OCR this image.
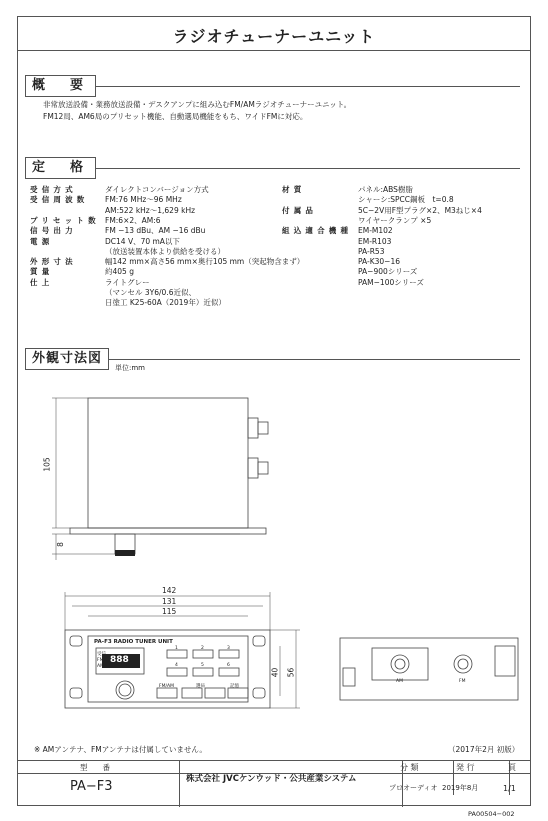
ラジオチューナーユニット
概　要
非常放送設備・業務放送設備・デスクアンプに組み込むFM/AMラジオチューナーユニット。
FM12局、AM6局のプリセット機能、自動選局機能をもち、ワイドFMに対応。
定　格
受信方式	ダイレクトコンバージョン方式
受信周波数 FM:76 MHz〜96 MHz
AM:522 kHz〜1,629 kHz
プリセット数 FM:6×2、AM:6
信号出力	FM −13 dBu、AM −16 dBu
電源	DC14 V、70 mA以下
（放送装置本体より供給を受ける）
外形寸法	幅142 mm×高さ56 mm×奥行105 mm（突起物含まず）
質量	約405 g
仕上	ライトグレー
（マンセル 3Y6/0.6近似、
日塗工 K25-60A（2019年）近似）
材質	パネル:ABS樹脂
シャーシ:SPCC鋼板　t=0.8
付属品	5C−2V用F型プラグ×2、M3ねじ×4
ワイヤークランプ ×5
組込適合機種 EM-M102
EM-R103
PA-R53
PA-K30−16
PA−900シリーズ
PAM−100シリーズ
外観寸法図
単位:mm
105
8
142
131
115
40 56
PA-F3 RADIO TUNER UNIT
888
受信
FM
AM
FM/AM	選局	記憶
1	2	3
4	5	6
AM	FM
※ AMアンテナ、FMアンテナは付属していません。	（2017年2月 初版）
型　　番
PA−F3	株式会社 JVCケンウッド・公共産業システム
分 類
プロオーディオ
発 行
2019年8月
頁
1/1
PA00504−002
